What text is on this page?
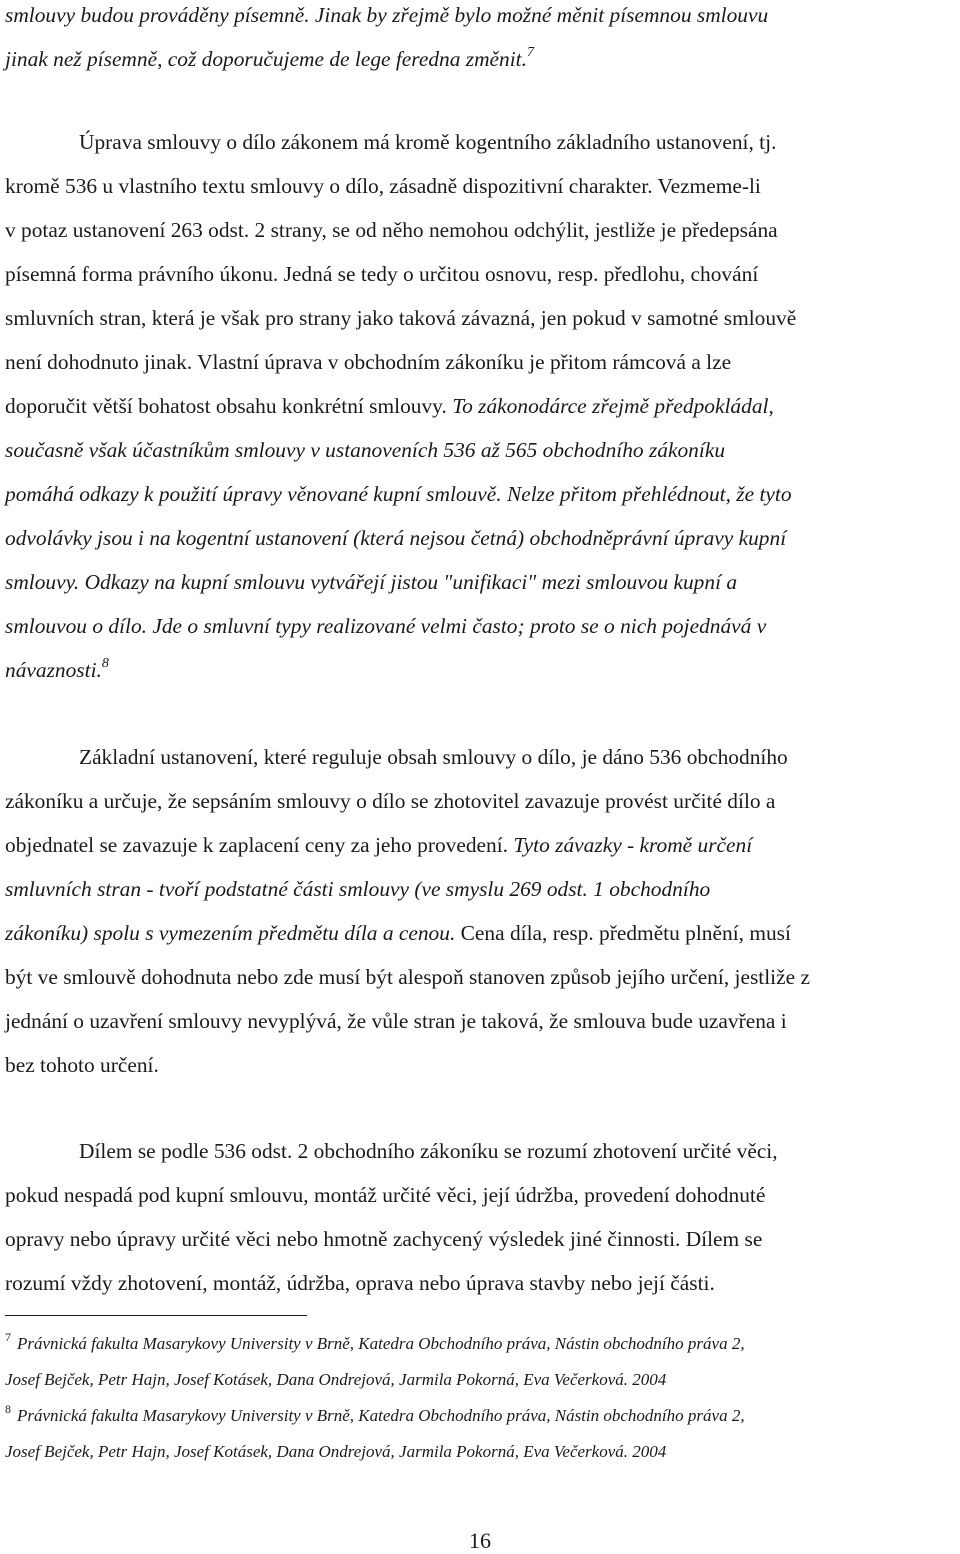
smlouvy budou prováděny písemně. Jinak by zřejmě bylo možné měnit písemnou smlouvu
jinak než písemně, což doporučujeme de lege feredna změnit.$^7$
Úprava smlouvy o dílo zákonem má kromě kogentního základního ustanovení, tj.
kromě 536 u vlastního textu smlouvy o dílo, zásadně dispozitivní charakter. Vezmeme-li
v potaz ustanovení 263 odst. 2 strany, se od něho nemohou odchýlit, jestliže je předepsána
písemná forma právního úkonu. Jedná se tedy o určitou osnovu, resp. předlohu, chování
smluvních stran, která je však pro strany jako taková závazná, jen pokud v samotné smlouvě
není dohodnuto jinak. Vlastní úprava v obchodním zákoníku je přitom rámcová a lze
doporučit větší bohatost obsahu konkrétní smlouvy. To zákonodárce zřejmě předpokládal,
současně však účastníkům smlouvy v ustanoveních 536 až 565 obchodního zákoníku
pomáhá odkazy k použití úpravy věnované kupní smlouvě. Nelze přitom přehlédnout, že tyto
odvolávky jsou i na kogentní ustanovení (která nejsou četná) obchodněprávní úpravy kupní
smlouvy. Odkazy na kupní smlouvu vytvářejí jistou "unifikaci" mezi smlouvou kupní a
smlouvou o dílo. Jde o smluvní typy realizované velmi často; proto se o nich pojednává v
návaznosti.$^8$
Základní ustanovení, které reguluje obsah smlouvy o dílo, je dáno 536 obchodního
zákoníku a určuje, že sepsáním smlouvy o dílo se zhotovitel zavazuje provést určité dílo a
objednatel se zavazuje k zaplacení ceny za jeho provedení. Tyto závazky - kromě určení
smluvních stran - tvoří podstatné části smlouvy (ve smyslu 269 odst. 1 obchodního
zákoníku) spolu s vymezením předmětu díla a cenou. Cena díla, resp. předmětu plnění, musí
být ve smlouvě dohodnuta nebo zde musí být alespoň stanoven způsob jejího určení, jestliže z
jednání o uzavření smlouvy nevyplývá, že vůle stran je taková, že smlouva bude uzavřena i
bez tohoto určení.
Dílem se podle 536 odst. 2 obchodního zákoníku se rozumí zhotovení určité věci,
pokud nespadá pod kupní smlouvu, montáž určité věci, její údržba, provedení dohodnuté
opravy nebo úpravy určité věci nebo hmotně zachycený výsledek jiné činnosti. Dílem se
rozumí vždy zhotovení, montáž, údržba, oprava nebo úprava stavby nebo její části.
$^7$ Právnická fakulta Masarykovy University v Brně, Katedra Obchodního práva, Nástin obchodního práva 2,
Josef Bejček, Petr Hajn, Josef Kotásek, Dana Ondrejová, Jarmila Pokorná, Eva Večerková. 2004
$^8$ Právnická fakulta Masarykovy University v Brně, Katedra Obchodního práva, Nástin obchodního práva 2,
Josef Bejček, Petr Hajn, Josef Kotásek, Dana Ondrejová, Jarmila Pokorná, Eva Večerková. 2004
16
